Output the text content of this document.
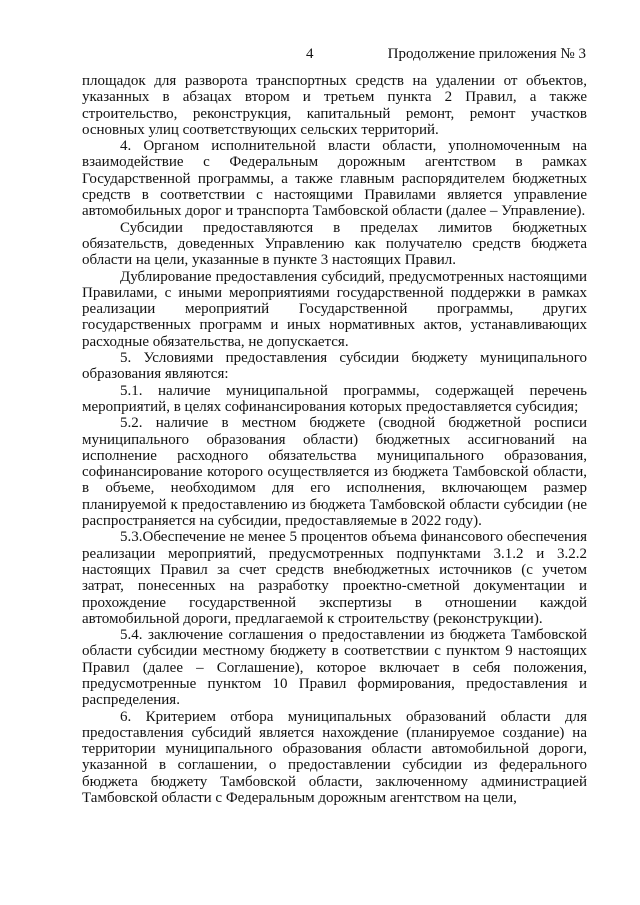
4	Продолжение приложения № 3

площадок для разворота транспортных средств на удалении от объектов, указанных в абзацах втором и третьем пункта 2 Правил, а также строительство, реконструкция, капитальный ремонт, ремонт участков основных улиц соответствующих сельских территорий.

4. Органом исполнительной власти области, уполномоченным на взаимодействие с Федеральным дорожным агентством в рамках Государственной программы, а также главным распорядителем бюджетных средств в соответствии с настоящими Правилами является управление автомобильных дорог и транспорта Тамбовской области (далее – Управление).

Субсидии предоставляются в пределах лимитов бюджетных обязательств, доведенных Управлению как получателю средств бюджета области на цели, указанные в пункте 3 настоящих Правил.

Дублирование предоставления субсидий, предусмотренных настоящими Правилами, с иными мероприятиями государственной поддержки в рамках реализации мероприятий Государственной программы, других государственных программ и иных нормативных актов, устанавливающих расходные обязательства, не допускается.

5. Условиями предоставления субсидии бюджету муниципального образования являются:

5.1. наличие муниципальной программы, содержащей перечень мероприятий, в целях софинансирования которых предоставляется субсидия;

5.2. наличие в местном бюджете (сводной бюджетной росписи муниципального образования области) бюджетных ассигнований на исполнение расходного обязательства муниципального образования, софинансирование которого осуществляется из бюджета Тамбовской области, в объеме, необходимом для его исполнения, включающем размер планируемой к предоставлению из бюджета Тамбовской области субсидии (не распространяется на субсидии, предоставляемые в 2022 году).

5.3.Обеспечение не менее 5 процентов объема финансового обеспечения реализации мероприятий, предусмотренных подпунктами 3.1.2 и 3.2.2 настоящих Правил за счет средств внебюджетных источников (с учетом затрат, понесенных на разработку проектно-сметной документации и прохождение государственной экспертизы в отношении каждой автомобильной дороги, предлагаемой к строительству (реконструкции).

5.4. заключение соглашения о предоставлении из бюджета Тамбовской области субсидии местному бюджету в соответствии с пунктом 9 настоящих Правил (далее – Соглашение), которое включает в себя положения, предусмотренные пунктом 10 Правил формирования, предоставления и распределения.

6. Критерием отбора муниципальных образований области для предоставления субсидий является нахождение (планируемое создание) на территории муниципального образования области автомобильной дороги, указанной в соглашении, о предоставлении субсидии из федерального бюджета бюджету Тамбовской области, заключенному администрацией Тамбовской области с Федеральным дорожным агентством на цели,
